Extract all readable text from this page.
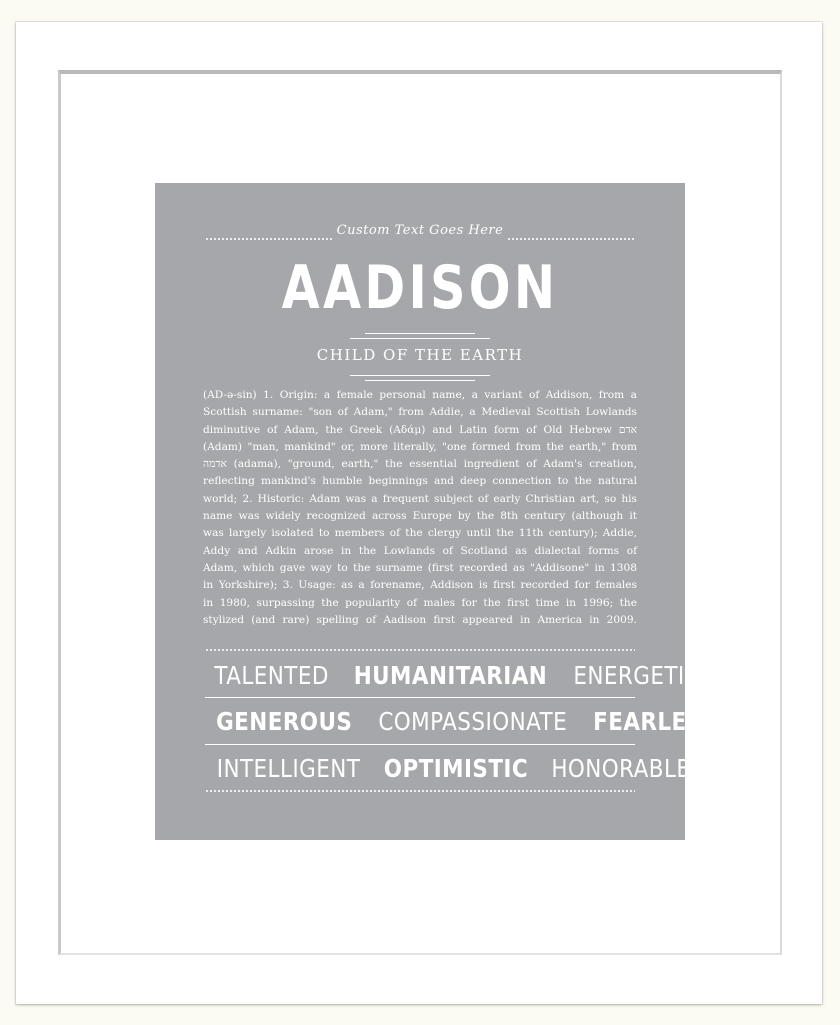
Custom Text Goes Here
AADISON
CHILD OF THE EARTH
(AD-ə-sin) 1. Origin: a female personal name, a variant of Addison, from a
Scottish surname: "son of Adam," from Addie, a Medieval Scottish Lowlands
diminutive of Adam, the Greek (Αδάμ) and Latin form of Old Hebrew אדם
(Adam) "man, mankind" or, more literally, "one formed from the earth," from
אדמה (adama), "ground, earth," the essential ingredient of Adam's creation,
reflecting mankind's humble beginnings and deep connection to the natural
world; 2. Historic: Adam was a frequent subject of early Christian art, so his
name was widely recognized across Europe by the 8th century (although it
was largely isolated to members of the clergy until the 11th century); Addie,
Addy and Adkin arose in the Lowlands of Scotland as dialectal forms of
Adam, which gave way to the surname (first recorded as "Addisone" in 1308
in Yorkshire); 3. Usage: as a forename, Addison is first recorded for females
in 1980, surpassing the popularity of males for the first time in 1996; the
stylized (and rare) spelling of Aadison first appeared in America in 2009.
TALENTED HUMANITARIAN ENERGETIC
GENEROUS COMPASSIONATE FEARLESS
INTELLIGENT OPTIMISTIC HONORABLE
